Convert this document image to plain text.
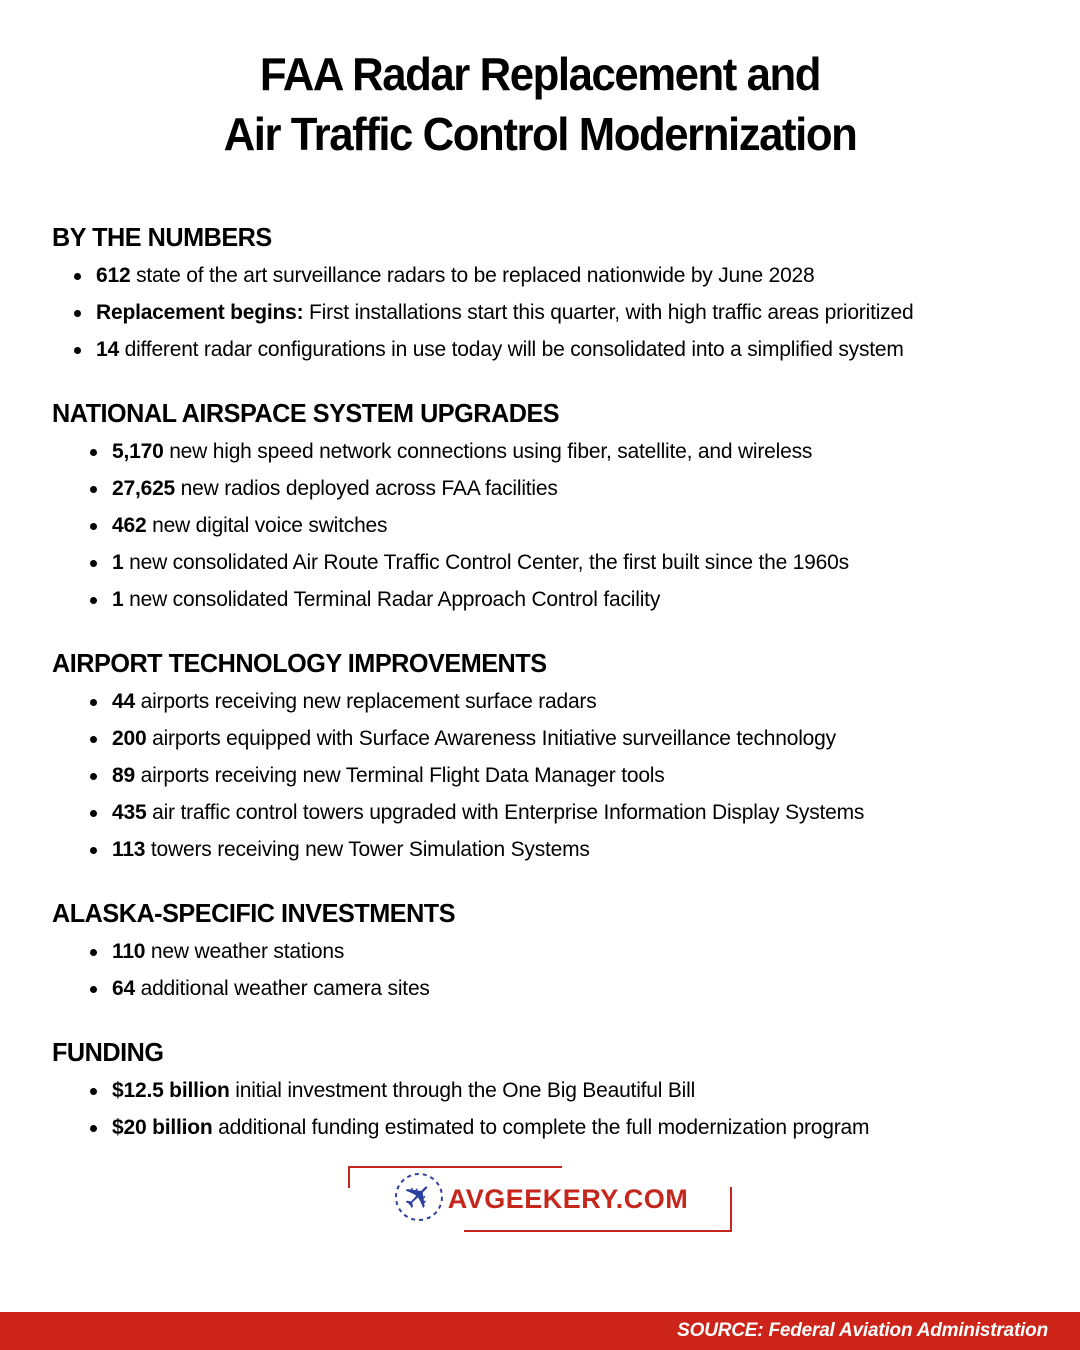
FAA Radar Replacement and
Air Traffic Control Modernization
BY THE NUMBERS
612 state of the art surveillance radars to be replaced nationwide by June 2028
Replacement begins: First installations start this quarter, with high traffic areas prioritized
14 different radar configurations in use today will be consolidated into a simplified system
NATIONAL AIRSPACE SYSTEM UPGRADES
5,170 new high speed network connections using fiber, satellite, and wireless
27,625 new radios deployed across FAA facilities
462 new digital voice switches
1 new consolidated Air Route Traffic Control Center, the first built since the 1960s
1 new consolidated Terminal Radar Approach Control facility
AIRPORT TECHNOLOGY IMPROVEMENTS
44 airports receiving new replacement surface radars
200 airports equipped with Surface Awareness Initiative surveillance technology
89 airports receiving new Terminal Flight Data Manager tools
435 air traffic control towers upgraded with Enterprise Information Display Systems
113 towers receiving new Tower Simulation Systems
ALASKA-SPECIFIC INVESTMENTS
110 new weather stations
64 additional weather camera sites
FUNDING
$12.5 billion initial investment through the One Big Beautiful Bill
$20 billion additional funding estimated to complete the full modernization program
✈ AVGEEKERY.COM
SOURCE: Federal Aviation Administration
